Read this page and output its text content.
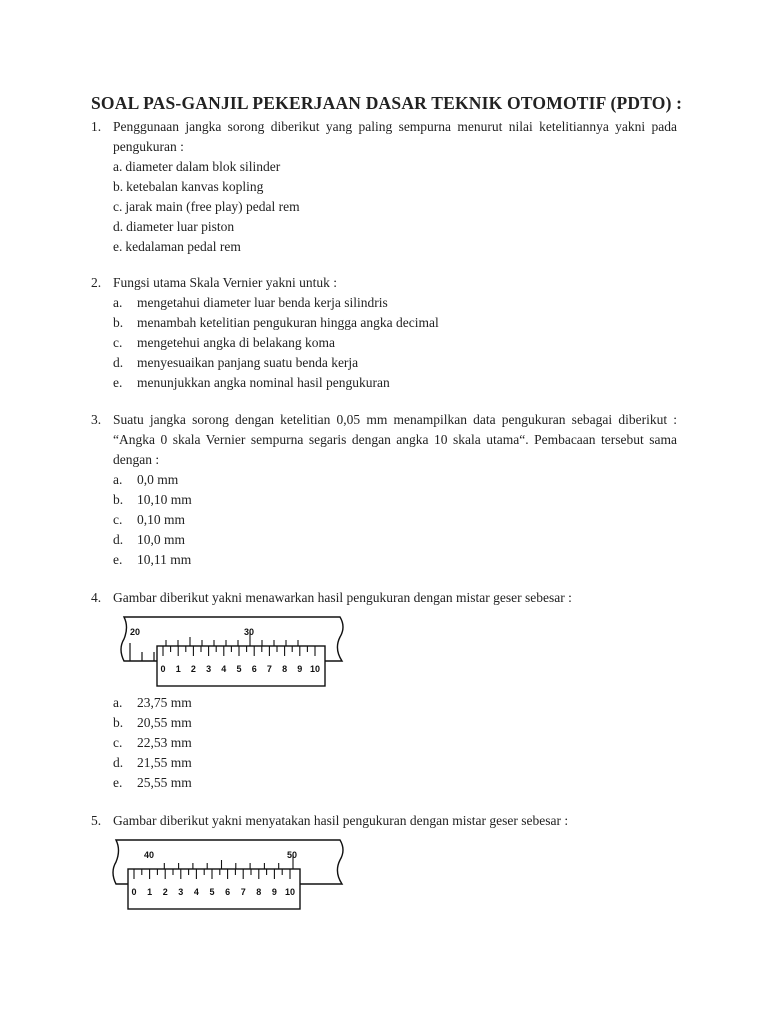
SOAL PAS-GANJIL PEKERJAAN DASAR TEKNIK OTOMOTIF (PDTO) :
1. Penggunaan jangka sorong diberikut yang paling sempurna menurut nilai ketelitiannya yakni pada pengukuran :
a. diameter dalam blok silinder
b. ketebalan kanvas kopling
c. jarak main (free play) pedal rem
d. diameter luar piston
e. kedalaman pedal rem
2. Fungsi utama Skala Vernier yakni untuk :
a. mengetahui diameter luar benda kerja silindris
b. menambah ketelitian pengukuran hingga angka decimal
c. mengetehui angka di belakang koma
d. menyesuaikan panjang suatu benda kerja
e. menunjukkan angka nominal hasil pengukuran
3. Suatu jangka sorong dengan ketelitian 0,05 mm menampilkan data pengukuran sebagai diberikut : “Angka 0 skala Vernier sempurna segaris dengan angka 10 skala utama“. Pembacaan tersebut sama dengan :
a. 0,0 mm
b. 10,10 mm
c. 0,10 mm
d. 10,0 mm
e. 10,11 mm
4. Gambar diberikut yakni menawarkan hasil pengukuran dengan mistar geser sebesar :
20	30
0 1 2 3 4 5 6 7 8 9 10
a. 23,75 mm
b. 20,55 mm
c. 22,53 mm
d. 21,55 mm
e. 25,55 mm
5. Gambar diberikut yakni menyatakan hasil pengukuran dengan mistar geser sebesar :
40	50
0 1 2 3 4 5 6 7 8 9 10
